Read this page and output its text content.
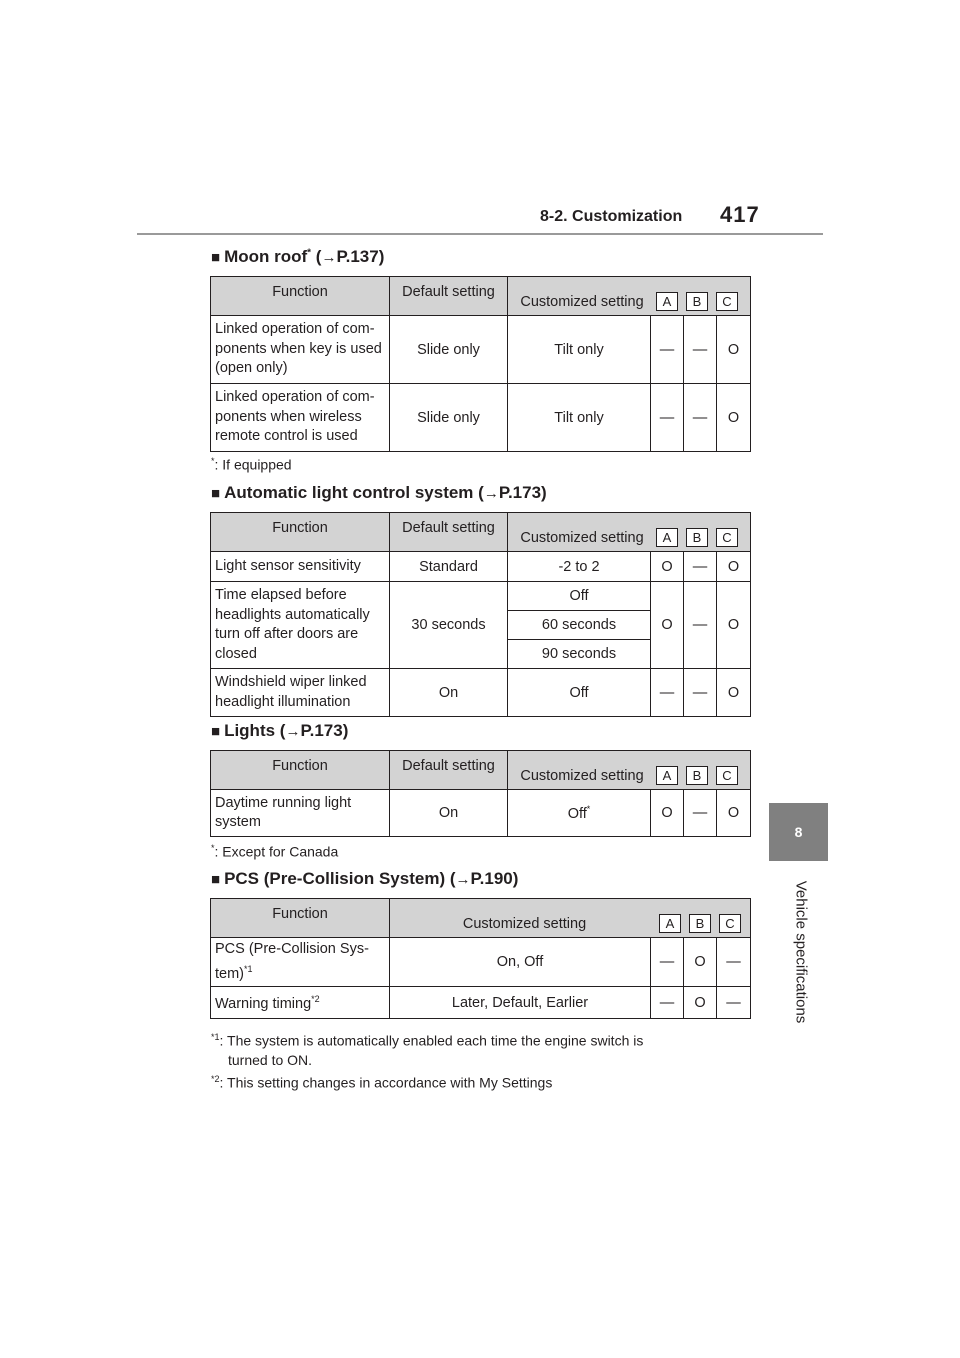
8-2. Customization 417
8
Vehicle specifications
■ Moon roof* (→P.137)
Function	Default setting	Customized setting A B C			
Linked operation of com-ponents when key is used (open only)	Slide only	Tilt only	—	—	O
Linked operation of com-ponents when wireless remote control is used	Slide only	Tilt only	—	—	O
*: If equipped
■ Automatic light control system (→P.173)
Function	Default setting	Customized setting A B C			
Light sensor sensitivity	Standard	-2 to 2	O	—	O
Time elapsed before headlights automatically turn off after doors are closed	30 seconds	Off	O	—	O
		60 seconds			
		90 seconds			
Windshield wiper linked headlight illumination	On	Off	—	—	O
■ Lights (→P.173)
Function	Default setting	Customized setting A B C			
Daytime running light system	On	Off*	O	—	O
*: Except for Canada
■ PCS (Pre-Collision System) (→P.190)
Function	Customized setting A B C			
PCS (Pre-Collision Sys-tem)$^{*1}$	On, Off	—	O	—
Warning timing$^{*2}$	Later, Default, Earlier	—	O	—
$^{*1}$: The system is automatically enabled each time the engine switch is
turned to ON.
$^{*2}$: This setting changes in accordance with My Settings
